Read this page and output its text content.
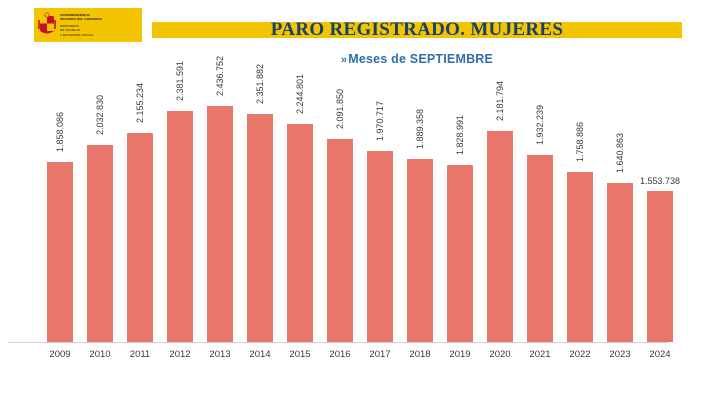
VICEPRESIDENCIA
SEGUNDA DEL GOBIERNO
MINISTERIO
DE TRABAJO
Y ECONOMÍA SOCIAL	PARO REGISTRADO. MUJERES
»Meses de SEPTIEMBRE
1.858.086	2.032.830	2.155.234
2.381.591	2.436.752	2.351.882	2.244.801	2.091.850	1.970.717	1.889.358	1.828.991
2.181.794
1.932.239	1.758.886	1.640.863
1.553.738
2009	2010	2011	2012	2013	2014	2015	2016	2017	2018	2019	2020	2021	2022	2023	2024
